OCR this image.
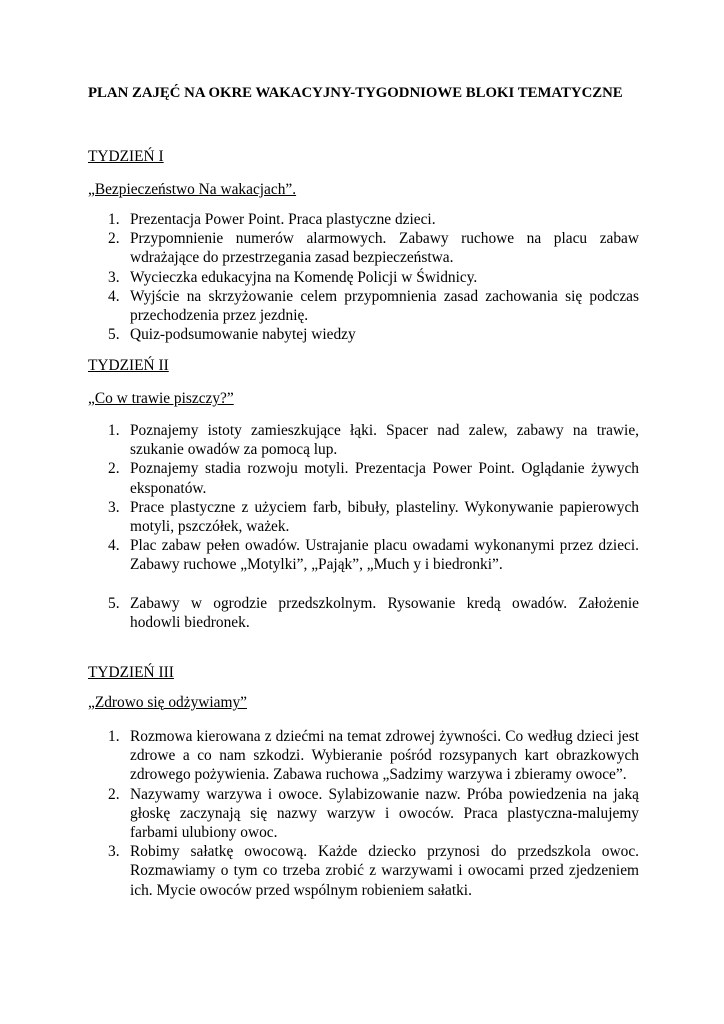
PLAN ZAJĘĆ NA OKRE WAKACYJNY-TYGODNIOWE BLOKI TEMATYCZNE
TYDZIEŃ I
„Bezpieczeństwo Na wakacjach”.
1. Prezentacja Power Point. Praca plastyczne dzieci.
2. Przypomnienie numerów alarmowych. Zabawy ruchowe na placu zabaw wdrażające do przestrzegania zasad bezpieczeństwa.
3. Wycieczka edukacyjna na Komendę Policji w Świdnicy.
4. Wyjście na skrzyżowanie celem przypomnienia zasad zachowania się podczas przechodzenia przez jezdnię.
5. Quiz-podsumowanie nabytej wiedzy
TYDZIEŃ II
„Co w trawie piszczy?”
1. Poznajemy istoty zamieszkujące łąki. Spacer nad zalew, zabawy na trawie, szukanie owadów za pomocą lup.
2. Poznajemy stadia rozwoju motyli. Prezentacja Power Point. Oglądanie żywych eksponatów.
3. Prace plastyczne z użyciem farb, bibuły, plasteliny. Wykonywanie papierowych motyli, pszczółek, ważek.
4. Plac zabaw pełen owadów. Ustrajanie placu owadami wykonanymi przez dzieci. Zabawy ruchowe „Motylki”, „Pająk”, „Much y i biedronki”.
5. Zabawy w ogrodzie przedszkolnym. Rysowanie kredą owadów. Założenie hodowli biedronek.
TYDZIEŃ III
„Zdrowo się odżywiamy”
1. Rozmowa kierowana z dziećmi na temat zdrowej żywności. Co według dzieci jest zdrowe a co nam szkodzi. Wybieranie pośród rozsypanych kart obrazkowych zdrowego pożywienia. Zabawa ruchowa „Sadzimy warzywa i zbieramy owoce”.
2. Nazywamy warzywa i owoce. Sylabizowanie nazw. Próba powiedzenia na jaką głoskę zaczynają się nazwy warzyw i owoców. Praca plastyczna-malujemy farbami ulubiony owoc.
3. Robimy sałatkę owocową. Każde dziecko przynosi do przedszkola owoc. Rozmawiamy o tym co trzeba zrobić z warzywami i owocami przed zjedzeniem ich. Mycie owoców przed wspólnym robieniem sałatki.
